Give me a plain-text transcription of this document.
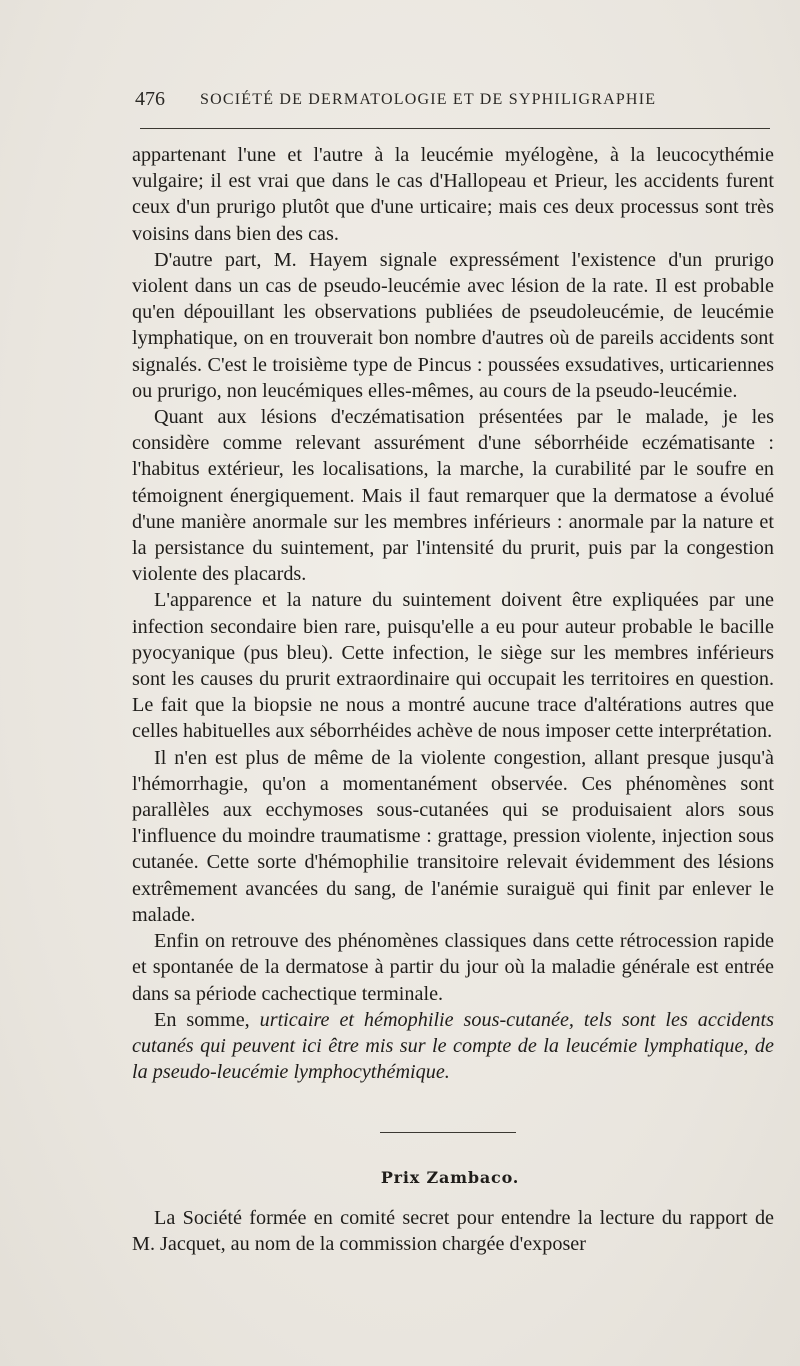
476 SOCIÉTÉ DE DERMATOLOGIE ET DE SYPHILIGRAPHIE

appartenant l'une et l'autre à la leucémie myélogène, à la leucocythémie vulgaire; il est vrai que dans le cas d'Hallopeau et Prieur, les accidents furent ceux d'un prurigo plutôt que d'une urticaire; mais ces deux processus sont très voisins dans bien des cas.

D'autre part, M. Hayem signale expressément l'existence d'un prurigo violent dans un cas de pseudo-leucémie avec lésion de la rate. Il est probable qu'en dépouillant les observations publiées de pseudoleucémie, de leucémie lymphatique, on en trouverait bon nombre d'autres où de pareils accidents sont signalés. C'est le troisième type de Pincus : poussées exsudatives, urticariennes ou prurigo, non leucémiques elles-mêmes, au cours de la pseudo-leucémie.

Quant aux lésions d'eczématisation présentées par le malade, je les considère comme relevant assurément d'une séborrhéide eczématisante : l'habitus extérieur, les localisations, la marche, la curabilité par le soufre en témoignent énergiquement. Mais il faut remarquer que la dermatose a évolué d'une manière anormale sur les membres inférieurs : anormale par la nature et la persistance du suintement, par l'intensité du prurit, puis par la congestion violente des placards.

L'apparence et la nature du suintement doivent être expliquées par une infection secondaire bien rare, puisqu'elle a eu pour auteur probable le bacille pyocyanique (pus bleu). Cette infection, le siège sur les membres inférieurs sont les causes du prurit extraordinaire qui occupait les territoires en question. Le fait que la biopsie ne nous a montré aucune trace d'altérations autres que celles habituelles aux séborrhéides achève de nous imposer cette interprétation.

Il n'en est plus de même de la violente congestion, allant presque jusqu'à l'hémorrhagie, qu'on a momentanément observée. Ces phénomènes sont parallèles aux ecchymoses sous-cutanées qui se produisaient alors sous l'influence du moindre traumatisme : grattage, pression violente, injection sous cutanée. Cette sorte d'hémophilie transitoire relevait évidemment des lésions extrêmement avancées du sang, de l'anémie suraiguë qui finit par enlever le malade.

Enfin on retrouve des phénomènes classiques dans cette rétrocession rapide et spontanée de la dermatose à partir du jour où la maladie générale est entrée dans sa période cachectique terminale.

En somme, urticaire et hémophilie sous-cutanée, tels sont les accidents cutanés qui peuvent ici être mis sur le compte de la leucémie lymphatique, de la pseudo-leucémie lymphocythémique.

Prix Zambaco.

La Société formée en comité secret pour entendre la lecture du rapport de M. Jacquet, au nom de la commission chargée d'exposer
